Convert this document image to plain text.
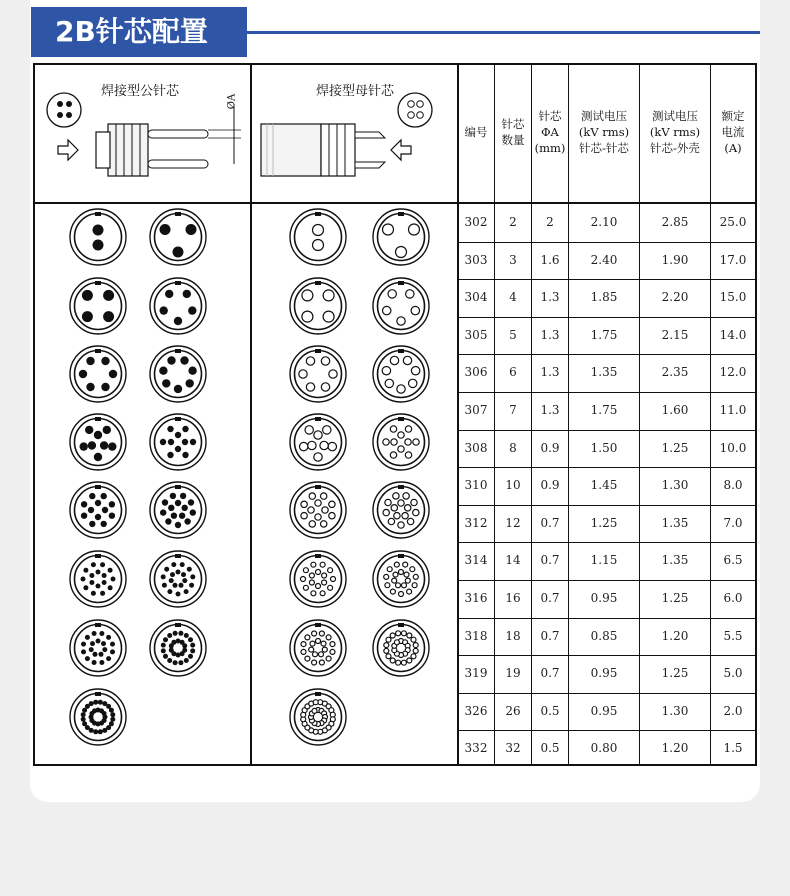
2B针芯配置
焊接型公针芯	焊接型母针芯
ØA
编号
针芯
数量
针芯
ΦA
(mm)
测试电压
(kV rms)
针芯-针芯
测试电压
(kV rms)
针芯-外壳
额定
电流
(A)
302 2 2	2.10	2.85	25.0
303 3 1.6	2.40	1.90	17.0
304 4 1.3	1.85	2.20	15.0
305 5 1.3	1.75	2.15	14.0
306 6 1.3	1.35	2.35	12.0
307 7 1.3	1.75	1.60	11.0
308 8 0.9	1.50	1.25	10.0
310 10 0.9	1.45	1.30	8.0
312 12 0.7	1.25	1.35	7.0
314 14 0.7	1.15	1.35	6.5
316 16 0.7	0.95	1.25	6.0
318 18 0.7	0.85	1.20	5.5
319 19 0.7	0.95	1.25	5.0
326 26 0.5	0.95	1.30	2.0
332 32 0.5	0.80	1.20	1.5
